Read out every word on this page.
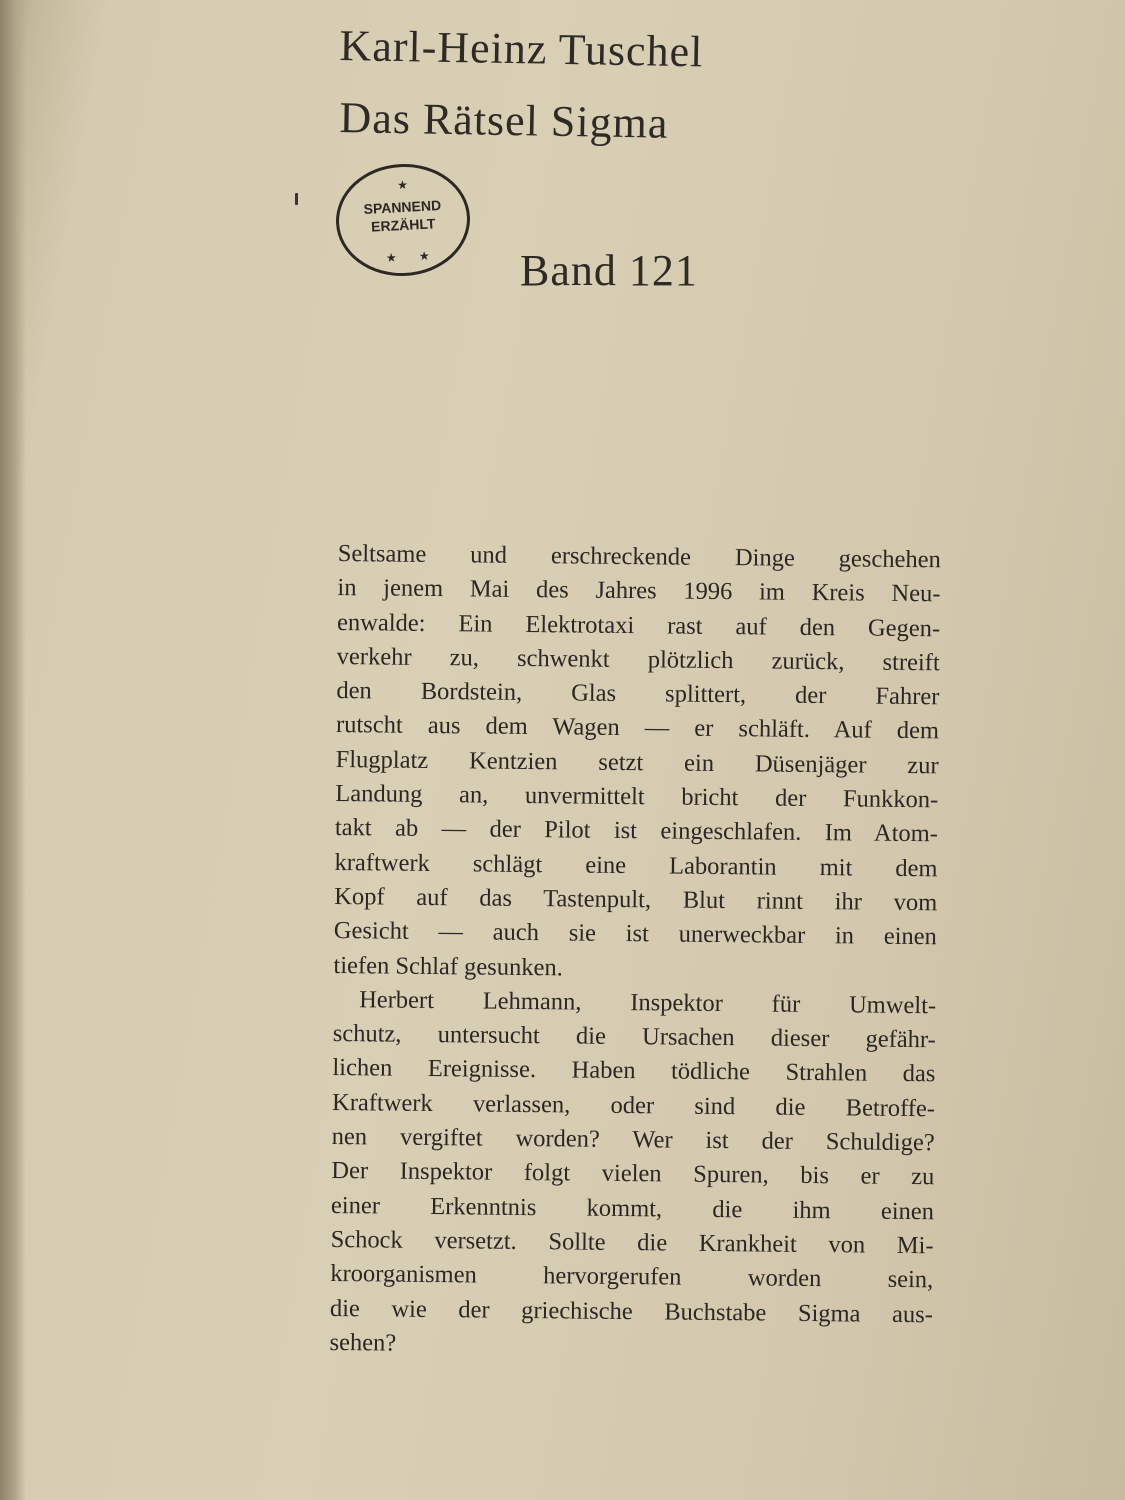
Karl-Heinz Tuschel
Das Rätsel Sigma
★
SPANNEND
ERZÄHLT
★ ★ Band 121
Seltsame und erschreckende Dinge geschehen
in jenem Mai des Jahres 1996 im Kreis Neu-
enwalde: Ein Elektrotaxi rast auf den Gegen-
verkehr zu, schwenkt plötzlich zurück, streift
den Bordstein, Glas splittert, der Fahrer
rutscht aus dem Wagen — er schläft. Auf dem
Flugplatz Kentzien setzt ein Düsenjäger zur
Landung an, unvermittelt bricht der Funkkon-
takt ab — der Pilot ist eingeschlafen. Im Atom-
kraftwerk schlägt eine Laborantin mit dem
Kopf auf das Tastenpult, Blut rinnt ihr vom
Gesicht — auch sie ist unerweckbar in einen
tiefen Schlaf gesunken.
Herbert Lehmann, Inspektor für Umwelt-
schutz, untersucht die Ursachen dieser gefähr-
lichen Ereignisse. Haben tödliche Strahlen das
Kraftwerk verlassen, oder sind die Betroffe-
nen vergiftet worden? Wer ist der Schuldige?
Der Inspektor folgt vielen Spuren, bis er zu
einer Erkenntnis kommt, die ihm einen
Schock versetzt. Sollte die Krankheit von Mi-
kroorganismen hervorgerufen worden sein,
die wie der griechische Buchstabe Sigma aus-
sehen?
